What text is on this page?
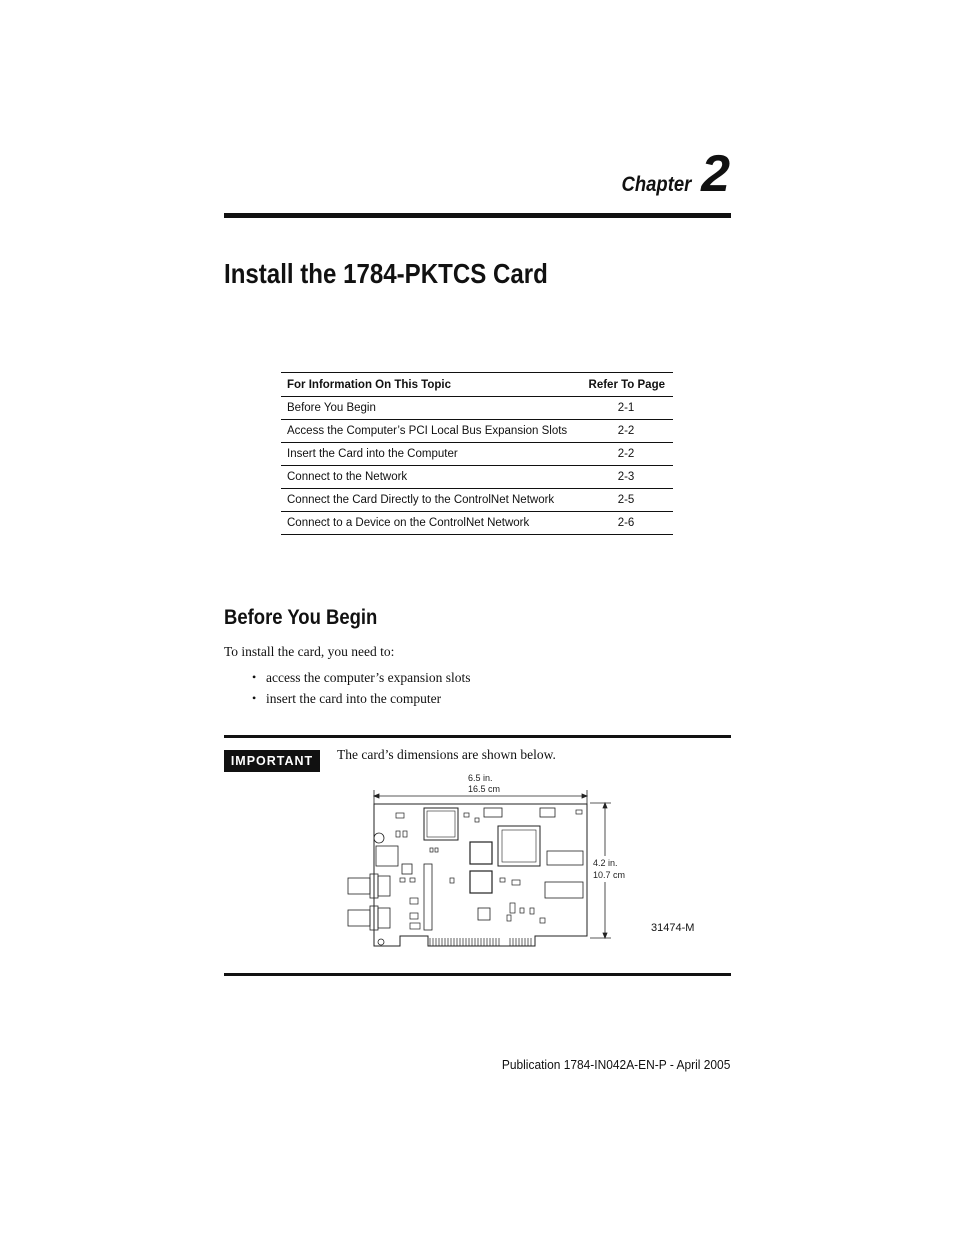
Chapter 2
Install the 1784-PKTCS Card
For Information On This Topic	Refer To Page
Before You Begin	2-1
Access the Computer’s PCI Local Bus Expansion Slots	2-2
Insert the Card into the Computer	2-2
Connect to the Network	2-3
Connect the Card Directly to the ControlNet Network	2-5
Connect to a Device on the ControlNet Network	2-6
Before You Begin

To install the card, you need to:

• access the computer’s expansion slots
• insert the card into the computer
IMPORTANT	The card’s dimensions are shown below.

6.5 in.
16.5 cm
4.2 in.
10.7 cm
31474-M
Publication 1784-IN042A-EN-P - April 2005
